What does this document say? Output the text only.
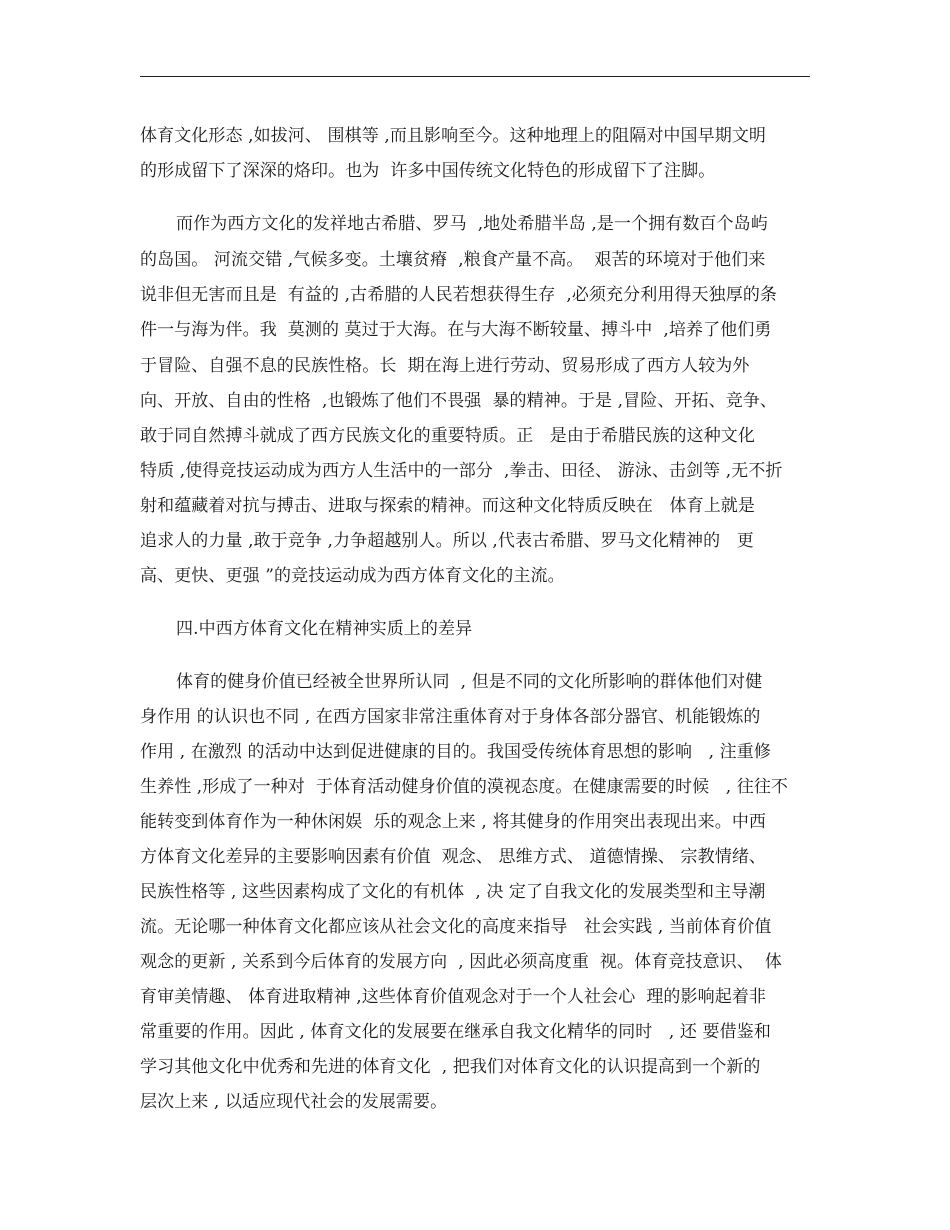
体育文化形态 ,如拔河、 围棋等 ,而且影响至今。这种地理上的阻隔对中国早期文明
的形成留下了深深的烙印。也为  许多中国传统文化特色的形成留下了注脚。
而作为西方文化的发祥地古希腊、罗马  ,地处希腊半岛 ,是一个拥有数百个岛屿
的岛国。 河流交错 ,气候多变。土壤贫瘠  ,粮食产量不高。  艰苦的环境对于他们来
说非但无害而且是  有益的 ,古希腊的人民若想获得生存  ,必须充分利用得天独厚的条
件一与海为伴。我  莫测的 莫过于大海。在与大海不断较量、搏斗中  ,培养了他们勇
于冒险、自强不息的民族性格。长  期在海上进行劳动、贸易形成了西方人较为外
向、开放、自由的性格  ,也锻炼了他们不畏强  暴的精神。于是 ,冒险、开拓、竞争、
敢于同自然搏斗就成了西方民族文化的重要特质。正   是由于希腊民族的这种文化
特质 ,使得竞技运动成为西方人生活中的一部分  ,拳击、田径、 游泳、击剑等 ,无不折
射和蕴藏着对抗与搏击、进取与探索的精神。而这种文化特质反映在   体育上就是
追求人的力量 ,敢于竞争 ,力争超越别人。所以 ,代表古希腊、罗马文化精神的   更
高、更快、更强 ”的竞技运动成为西方体育文化的主流。
四.中西方体育文化在精神实质上的差异
体育的健身价值已经被全世界所认同  , 但是不同的文化所影响的群体他们对健
身作用 的认识也不同 , 在西方国家非常注重体育对于身体各部分器官、机能锻炼的
作用 , 在激烈 的活动中达到促进健康的目的。我国受传统体育思想的影响   , 注重修
生养性 ,形成了一种对  于体育活动健身价值的漠视态度。在健康需要的时候   , 往往不
能转变到体育作为一种休闲娱  乐的观念上来 , 将其健身的作用突出表现出来。中西
方体育文化差异的主要影响因素有价值  观念、 思维方式、 道德情操、 宗教情绪、
民族性格等 , 这些因素构成了文化的有机体  , 决 定了自我文化的发展类型和主导潮
流。无论哪一种体育文化都应该从社会文化的高度来指导   社会实践 , 当前体育价值
观念的更新 , 关系到今后体育的发展方向  , 因此必须高度重  视。体育竞技意识、  体
育审美情趣、 体育进取精神 ,这些体育价值观念对于一个人社会心  理的影响起着非
常重要的作用。因此 , 体育文化的发展要在继承自我文化精华的同时   , 还 要借鉴和
学习其他文化中优秀和先进的体育文化  , 把我们对体育文化的认识提高到一个新的
层次上来 , 以适应现代社会的发展需要。
